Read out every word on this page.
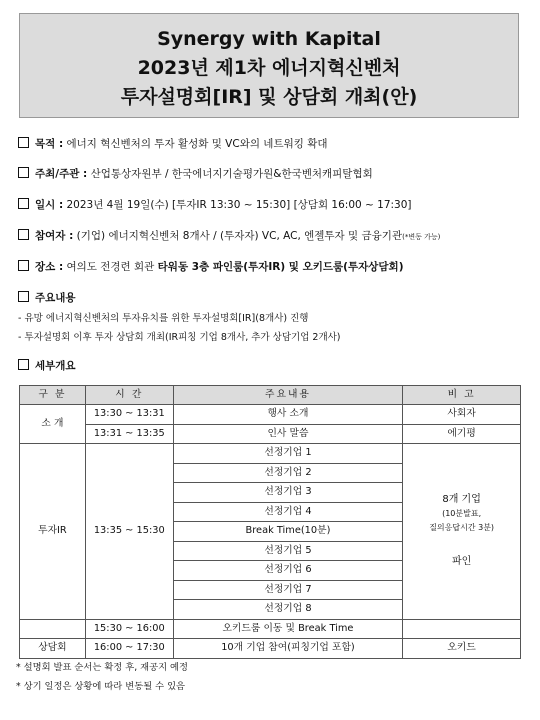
Synergy with Kapital
2023년 제1차 에너지혁신벤처
투자설명회[IR] 및 상담회 개최(안)
목적 : 에너지 혁신벤처의 투자 활성화 및 VC와의 네트워킹 확대
주최/주관 : 산업통상자원부 / 한국에너지기술평가원&한국벤처캐피탈협회
일시 : 2023년 4월 19일(수) [투자IR 13:30 ~ 15:30] [상담회 16:00 ~ 17:30]
참여자 : (기업) 에너지혁신벤처 8개사 / (투자자) VC, AC, 엔젤투자 및 금융기관(*변동 가능)
장소 : 여의도 전경련 회관 타워동 3층 파인룸(투자IR) 및 오키드룸(투자상담회)
주요내용
- 유망 에너지혁신벤처의 투자유치를 위한 투자설명회[IR](8개사) 진행
- 투자설명회 이후 투자 상담회 개최(IR피칭 기업 8개사, 추가 상담기업 2개사)
세부개요
구 분	시 간	주요내용	비 고
소 개	13:30 ~ 13:31	행사 소개	사회자
	13:31 ~ 13:35	인사 말씀	에기평
투자IR	13:35 ~ 15:30	선정기업 1	8개 기업
(10분발표,
질의응답시간 3분)
파인

		선정기업 2	
		선정기업 3	
		선정기업 4	
		Break Time(10분)	
		선정기업 5	
		선정기업 6	
		선정기업 7	
		선정기업 8	
	15:30 ~ 16:00	오키드룸 이동 및 Break Time	
상담회	16:00 ~ 17:30	10개 기업 참여(피칭기업 포함)	오키드
* 설명회 발표 순서는 확정 후, 재공지 예정
* 상기 일정은 상황에 따라 변동될 수 있음
